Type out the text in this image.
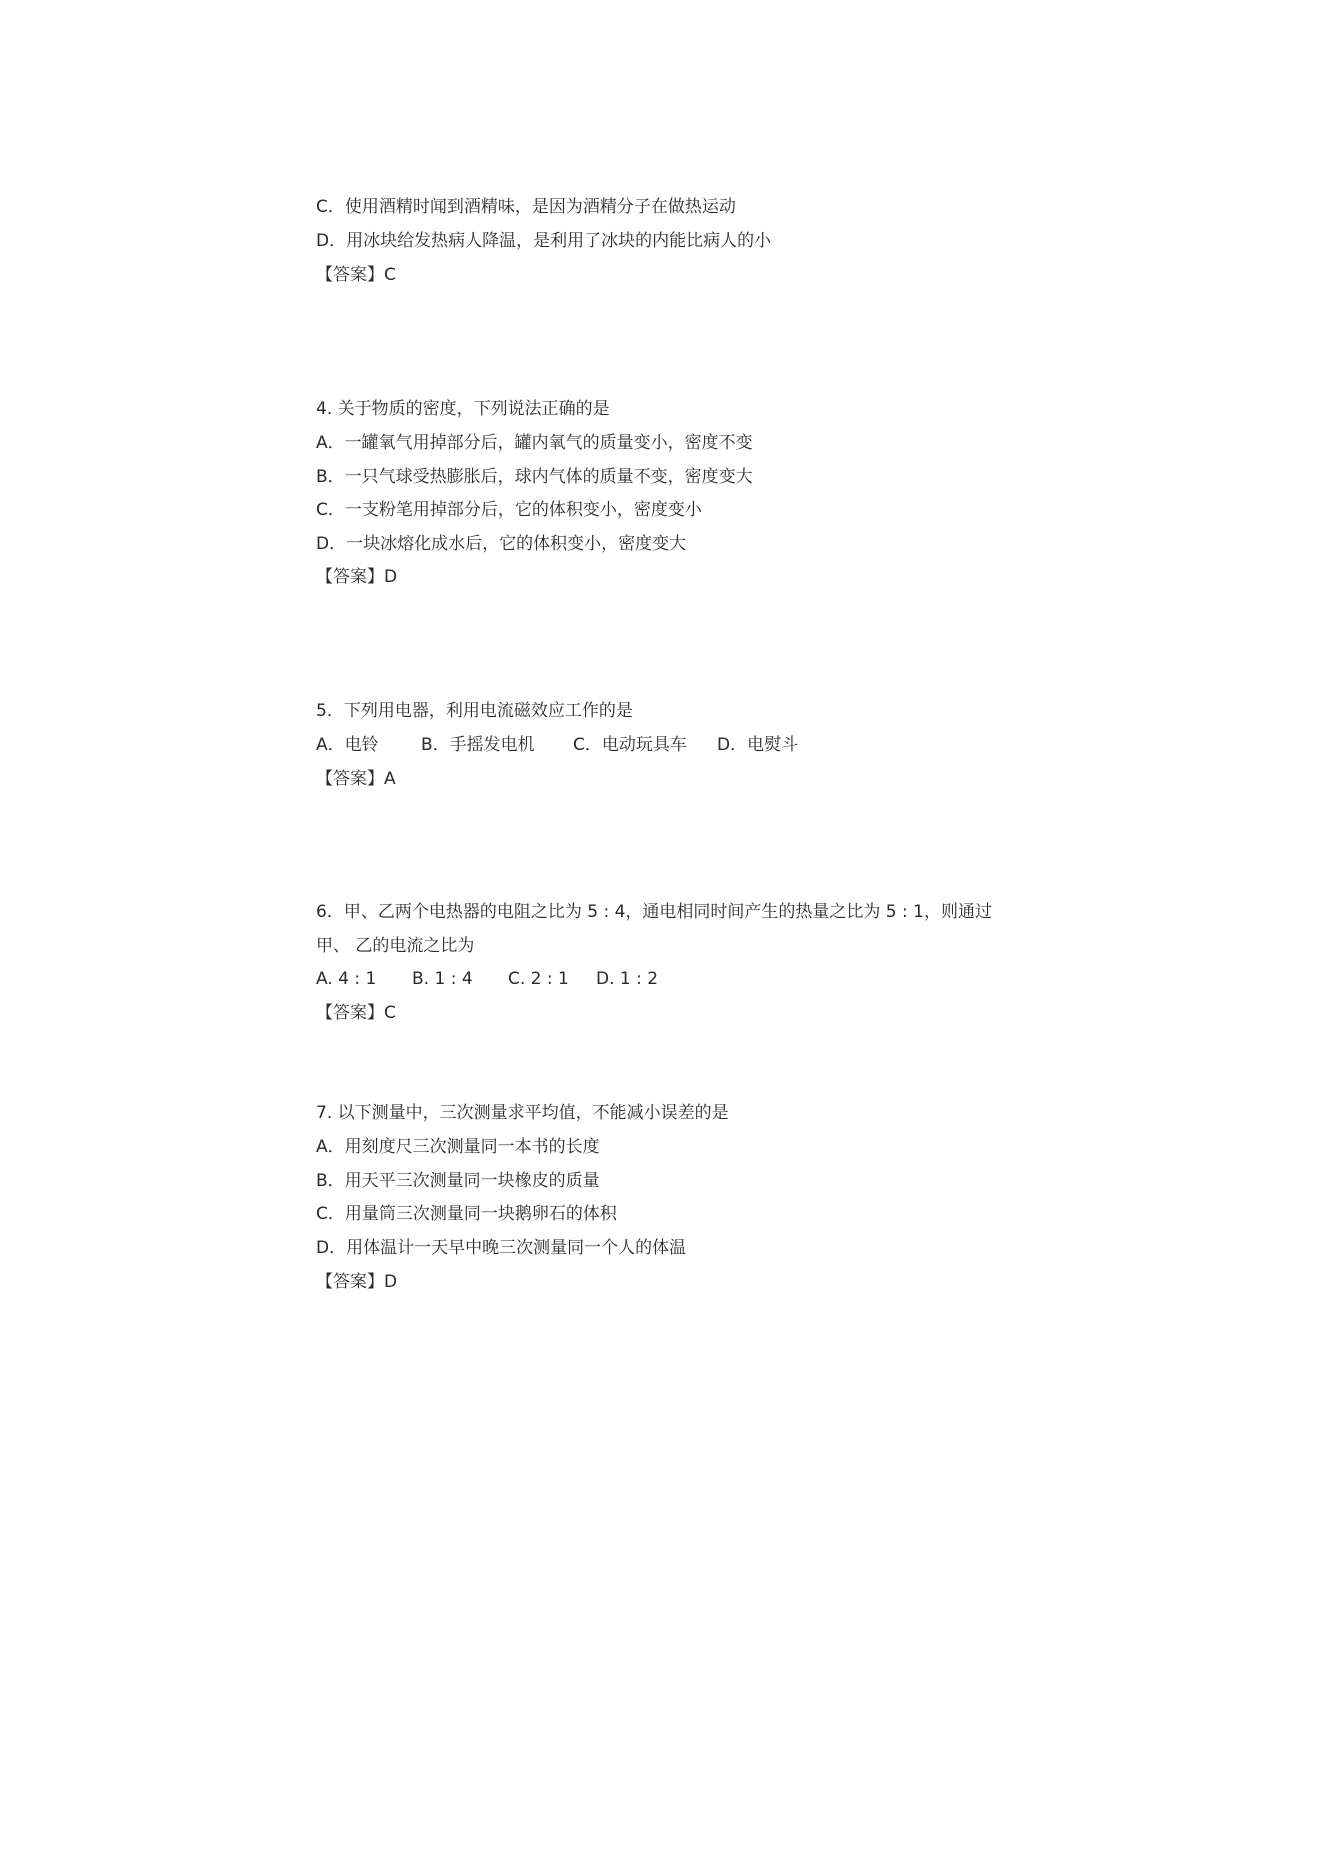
C．使用酒精时闻到酒精味，是因为酒精分子在做热运动
D．用冰块给发热病人降温，是利用了冰块的内能比病人的小
【答案】C
4. 关于物质的密度，下列说法正确的是
A．一罐氧气用掉部分后，罐内氧气的质量变小，密度不变
B．一只气球受热膨胀后，球内气体的质量不变，密度变大
C．一支粉笔用掉部分后，它的体积变小，密度变小
D．一块冰熔化成水后，它的体积变小，密度变大
【答案】D
5．下列用电器，利用电流磁效应工作的是
A．电铃	B．手摇发电机	C．电动玩具车	D．电熨斗
【答案】A
6．甲、乙两个电热器的电阻之比为 5 : 4，通电相同时间产生的热量之比为 5 : 1，则通过
甲、 乙的电流之比为
A. 4 : 1	B. 1 : 4	C. 2 : 1	D. 1 : 2
【答案】C
7. 以下测量中，三次测量求平均值，不能减小误差的是
A．用刻度尺三次测量同一本书的长度
B．用天平三次测量同一块橡皮的质量
C．用量筒三次测量同一块鹅卵石的体积
D．用体温计一天早中晚三次测量同一个人的体温
【答案】D
